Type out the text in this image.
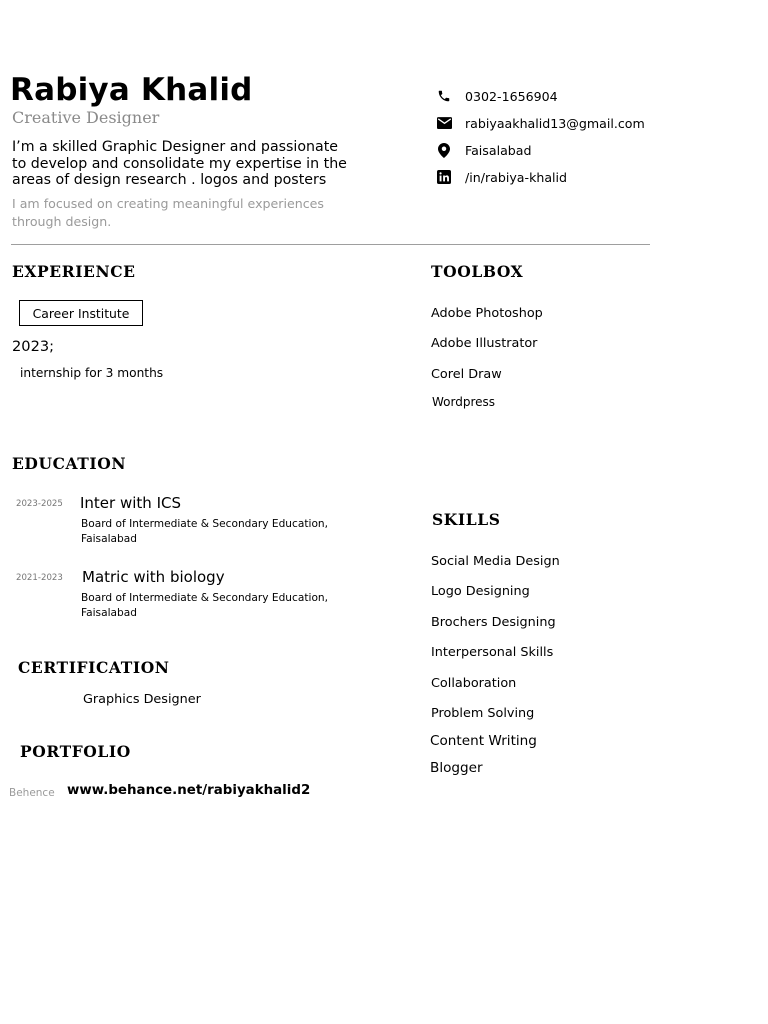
Rabiya Khalid
Creative Designer
I’m a skilled Graphic Designer and passionate
to develop and consolidate my expertise in the
areas of design research . logos and posters
I am focused on creating meaningful experiences through design.
0302-1656904
rabiyaakhalid13@gmail.com
Faisalabad
/in/rabiya-khalid
EXPERIENCE
Career Institute
2023;
internship for 3 months
TOOLBOX
Adobe Photoshop
Adobe Illustrator
Corel Draw
Wordpress
EDUCATION
2023-2025 Inter with ICS
Board of Intermediate & Secondary Education, Faisalabad
2021-2023 Matric with biology
Board of Intermediate & Secondary Education, Faisalabad
SKILLS
Social Media Design
Logo Designing
Brochers Designing
Interpersonal Skills
Collaboration
Problem Solving
Content Writing
Blogger
CERTIFICATION
Graphics Designer
PORTFOLIO
Behence www.behance.net/rabiyakhalid2
